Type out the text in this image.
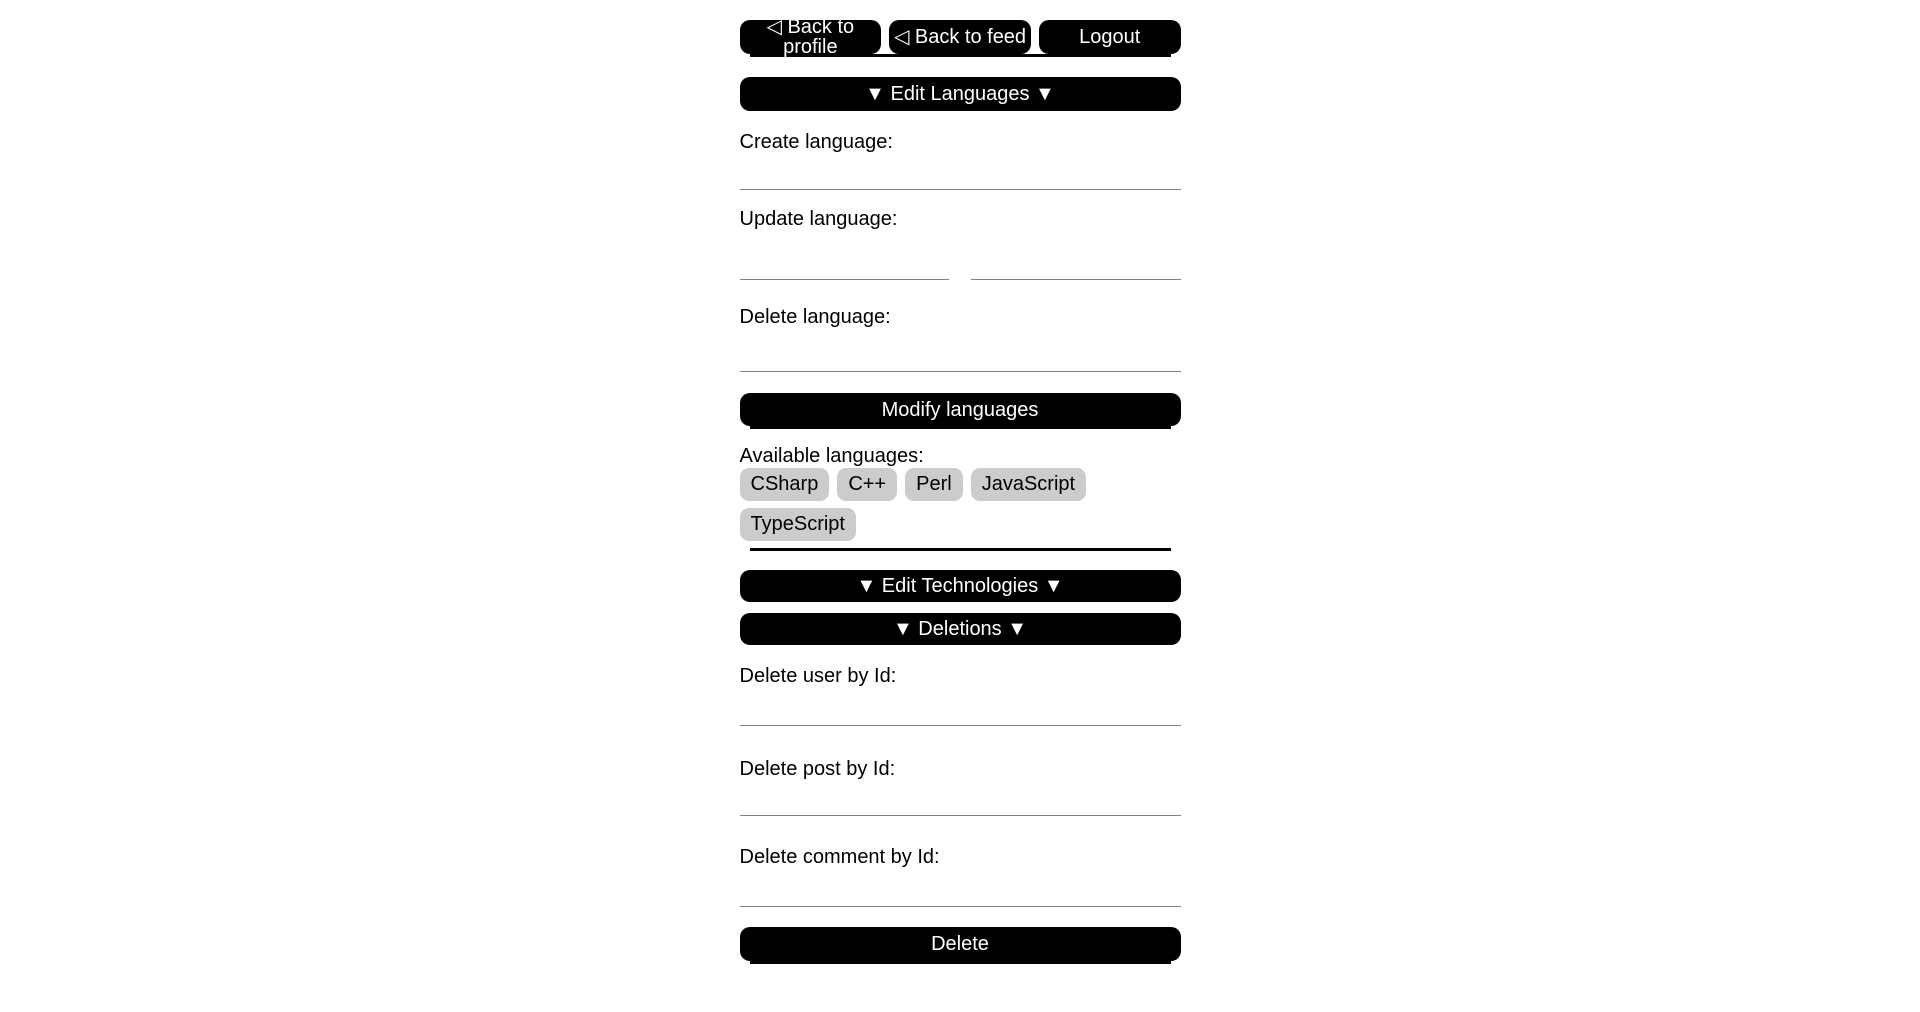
◁ Back to profile	◁ Back to feed	Logout
▼ Edit Languages ▼
Create language:
Update language:
Delete language:
Modify languages
Available languages:
CSharp C++ Perl JavaScript
TypeScript
▼ Edit Technologies ▼
▼ Deletions ▼
Delete user by Id:
Delete post by Id:
Delete comment by Id:
Delete
